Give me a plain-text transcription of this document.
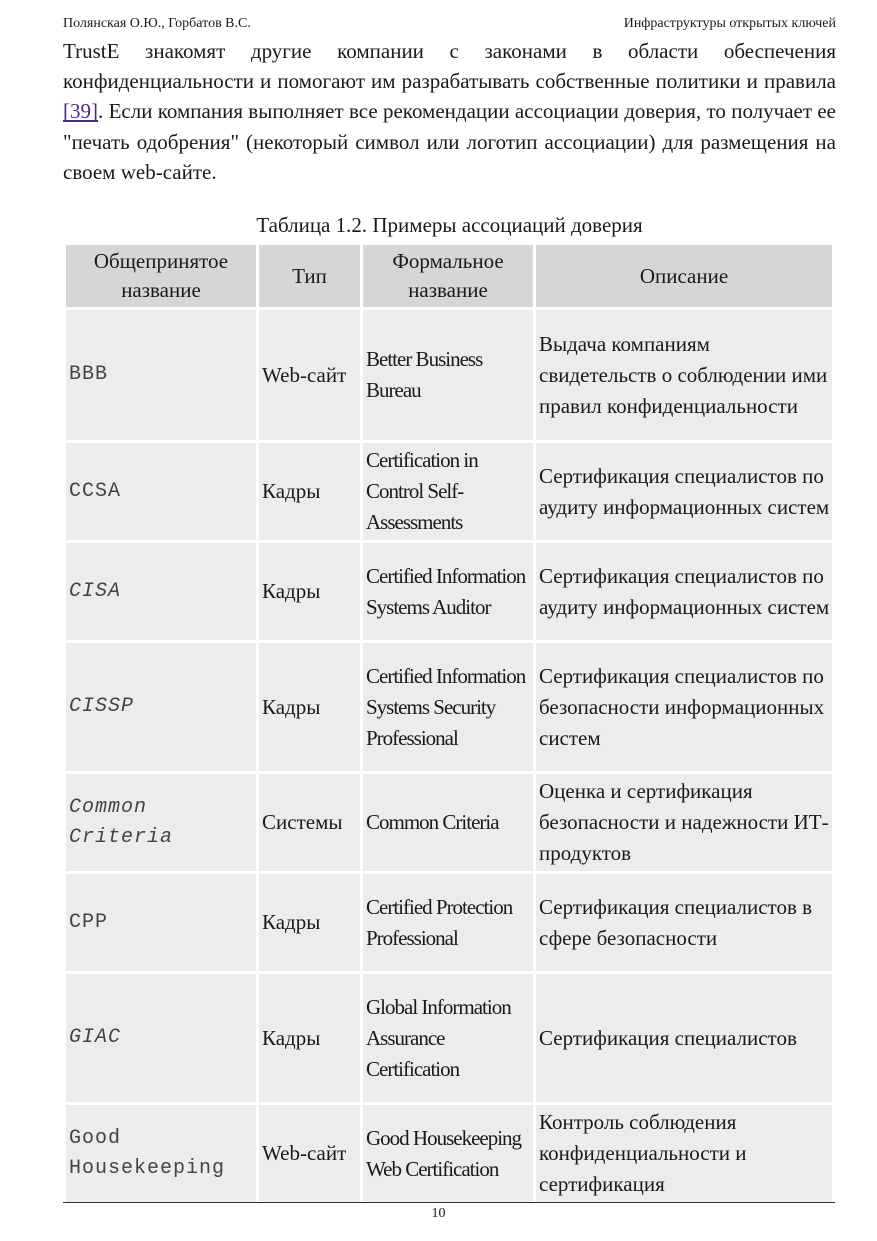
Полянская О.Ю., Горбатов В.С.	Инфраструктуры открытых ключей

TrustE знакомят другие компании с законами в области обеспечения конфиденциальности и помогают им разрабатывать собственные политики и правила [39]. Если компания выполняет все рекомендации ассоциации доверия, то получает ее "печать одобрения" (некоторый символ или логотип ассоциации) для размещения на своем web-сайте.

Таблица 1.2. Примеры ассоциаций доверия
Общепринятое название	Тип	Формальное название	Описание
BBB	Web-сайт	Better Business Bureau	Выдача компаниям свидетельств о соблюдении ими правил конфиденциальности
CCSA	Кадры	Certification in Control Self-Assessments	Сертификация специалистов по аудиту информационных систем
CISA	Кадры	Certified Information Systems Auditor	Сертификация специалистов по аудиту информационных систем
CISSP	Кадры	Certified Information Systems Security Professional	Сертификация специалистов по безопасности информационных систем
Common Criteria	Системы	Common Criteria	Оценка и сертификация безопасности и надежности ИТ-продуктов
CPP	Кадры	Certified Protection Professional	Сертификация специалистов в сфере безопасности
GIAC	Кадры	Global Information Assurance Certification	Сертификация специалистов
Good Housekeeping	Web-сайт	Good Housekeeping Web Certification	Контроль соблюдения конфиденциальности и сертификация
10
